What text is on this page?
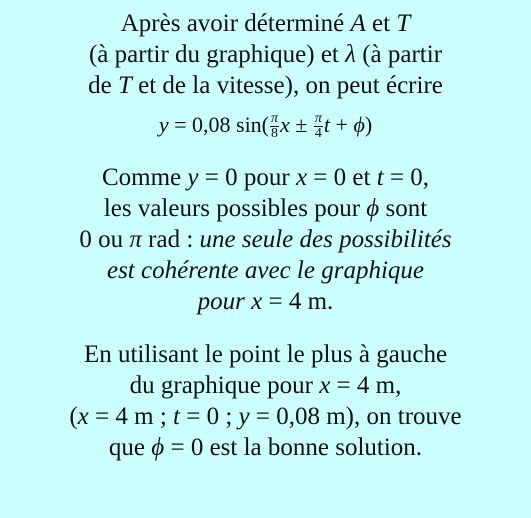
Après avoir déterminé A et T
(à partir du graphique) et λ (à partir
de T et de la vitesse), on peut écrire
y = 0,08 $\sin( \frac{\pi}{8}$ $x \pm \frac{\pi}{4}$ t + ϕ)
Comme y = 0 pour x = 0 et t = 0,
les valeurs possibles pour ϕ sont
0 ou π rad : une seule des possibilités
est cohérente avec le graphique
pour x = 4 m.
En utilisant le point le plus à gauche
du graphique pour x = 4 m,
(x = 4 m ; t = 0 ; y = 0,08 m), on trouve
que ϕ = 0 est la bonne solution.
